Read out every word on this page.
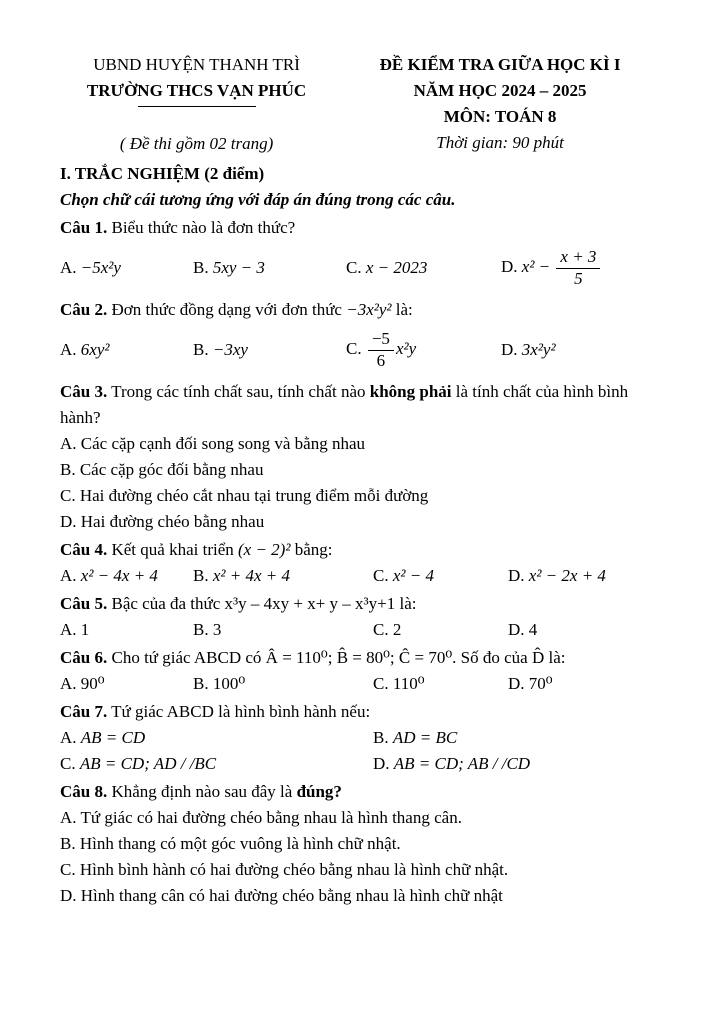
UBND HUYỆN THANH TRÌ
TRƯỜNG THCS VẠN PHÚC
( Đề thi gồm 02 trang)
ĐỀ KIỂM TRA GIỮA HỌC KÌ I
NĂM HỌC 2024 – 2025
MÔN: TOÁN 8
Thời gian: 90 phút
I. TRẮC NGHIỆM (2 điểm)
Chọn chữ cái tương ứng với đáp án đúng trong các câu.
Câu 1. Biểu thức nào là đơn thức?
A. −5x²y	B. 5xy − 3	C. x − 2023	D. $x^2 - \frac{x + 3}{5}$
Câu 2. Đơn thức đồng dạng với đơn thức −3x²y² là:
A. 6xy²	B. −3xy	C. $\frac{-5}{6} x^2y$	D. 3x²y²
Câu 3. Trong các tính chất sau, tính chất nào không phải là tính chất của hình bình hành?
A. Các cặp cạnh đối song song và bằng nhau
B. Các cặp góc đối bằng nhau
C. Hai đường chéo cắt nhau tại trung điểm mỗi đường
D. Hai đường chéo bằng nhau
Câu 4. Kết quả khai triển (x − 2)² bằng:
A. x² − 4x + 4	B. x² + 4x + 4	C. x² − 4	D. x² − 2x + 4
Câu 5. Bậc của đa thức x³y – 4xy + x+ y – x³y+1 là:
A. 1	B. 3	C. 2	D. 4
Câu 6. Cho tứ giác ABCD có Â = 110⁰; B̂ = 80⁰; Ĉ = 70⁰. Số đo của D̂ là:
A. 90⁰	B. 100⁰	C. 110⁰	D. 70⁰
Câu 7. Tứ giác ABCD là hình bình hành nếu:
A. AB = CD	B. AD = BC
C. AB = CD; AD / /BC	D. AB = CD; AB / /CD
Câu 8. Khẳng định nào sau đây là đúng?
A. Tứ giác có hai đường chéo bằng nhau là hình thang cân.
B. Hình thang có một góc vuông là hình chữ nhật.
C. Hình bình hành có hai đường chéo bằng nhau là hình chữ nhật.
D. Hình thang cân có hai đường chéo bằng nhau là hình chữ nhật
